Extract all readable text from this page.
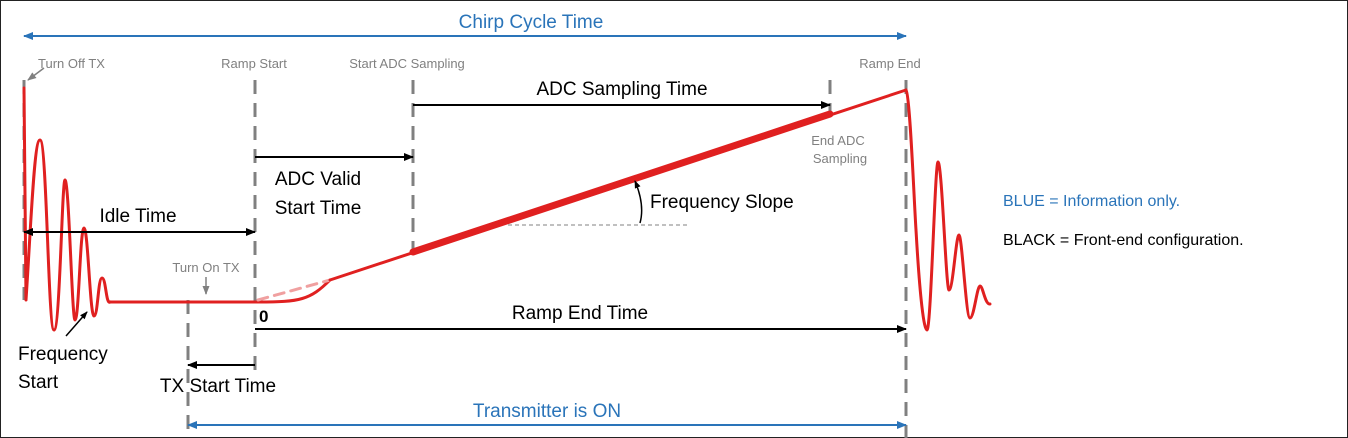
Chirp Cycle Time
Turn Off TX	Ramp Start	Start ADC Sampling	Ramp End
End ADC
Sampling
Turn On TX
Frequency Slope
ADC Sampling Time
ADC Valid
Start Time
Idle Time
0	Ramp End Time
Frequency
Start	TX Start Time
Transmitter is ON
BLUE = Information only.
BLACK = Front-end configuration.
